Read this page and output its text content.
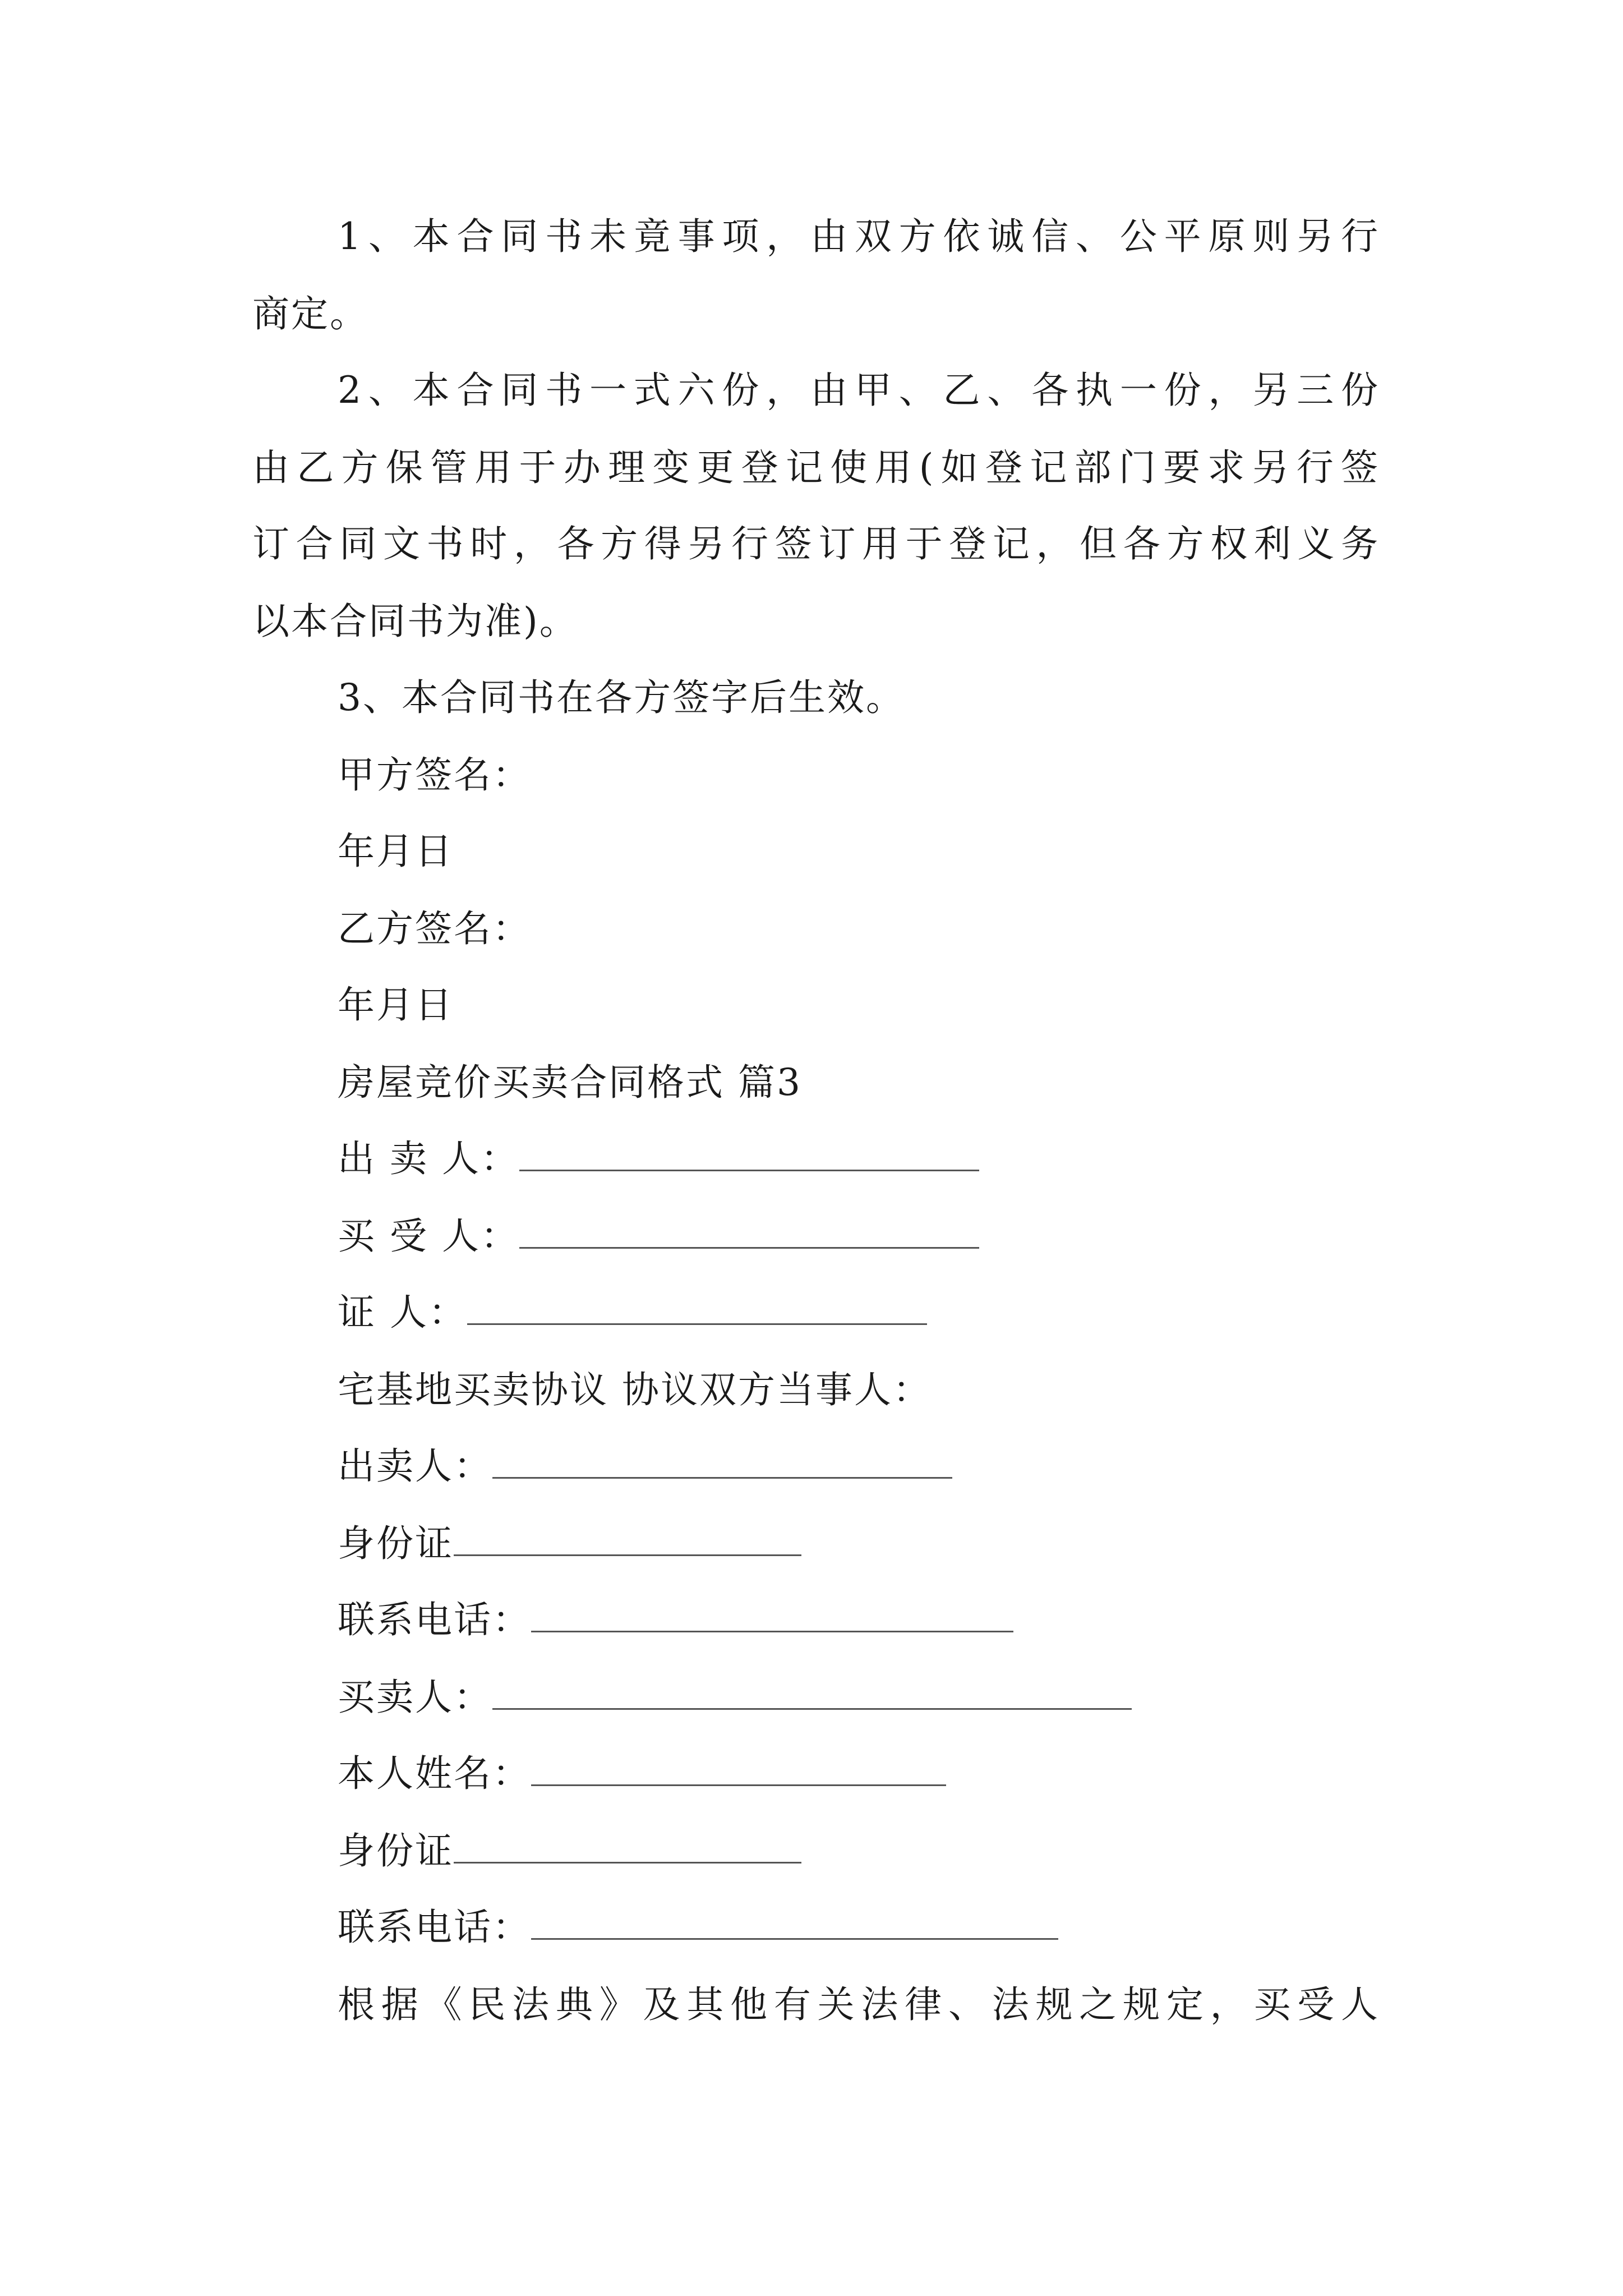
1、本合同书未竟事项，由双方依诚信、公平原则另行
商定。
2、本合同书一式六份，由甲、乙、各执一份，另三份
由乙方保管用于办理变更登记使用(如登记部门要求另行签
订合同文书时，各方得另行签订用于登记，但各方权利义务
以本合同书为准)。
3、本合同书在各方签字后生效。
甲方签名：
年月日
乙方签名：
年月日
房屋竞价买卖合同格式 篇3
出 卖 人：
买 受 人：
证 人：
宅基地买卖协议 协议双方当事人：
出卖人：
身份证
联系电话：
买卖人：
本人姓名：
身份证
联系电话：
根据《民法典》及其他有关法律、法规之规定，买受人
